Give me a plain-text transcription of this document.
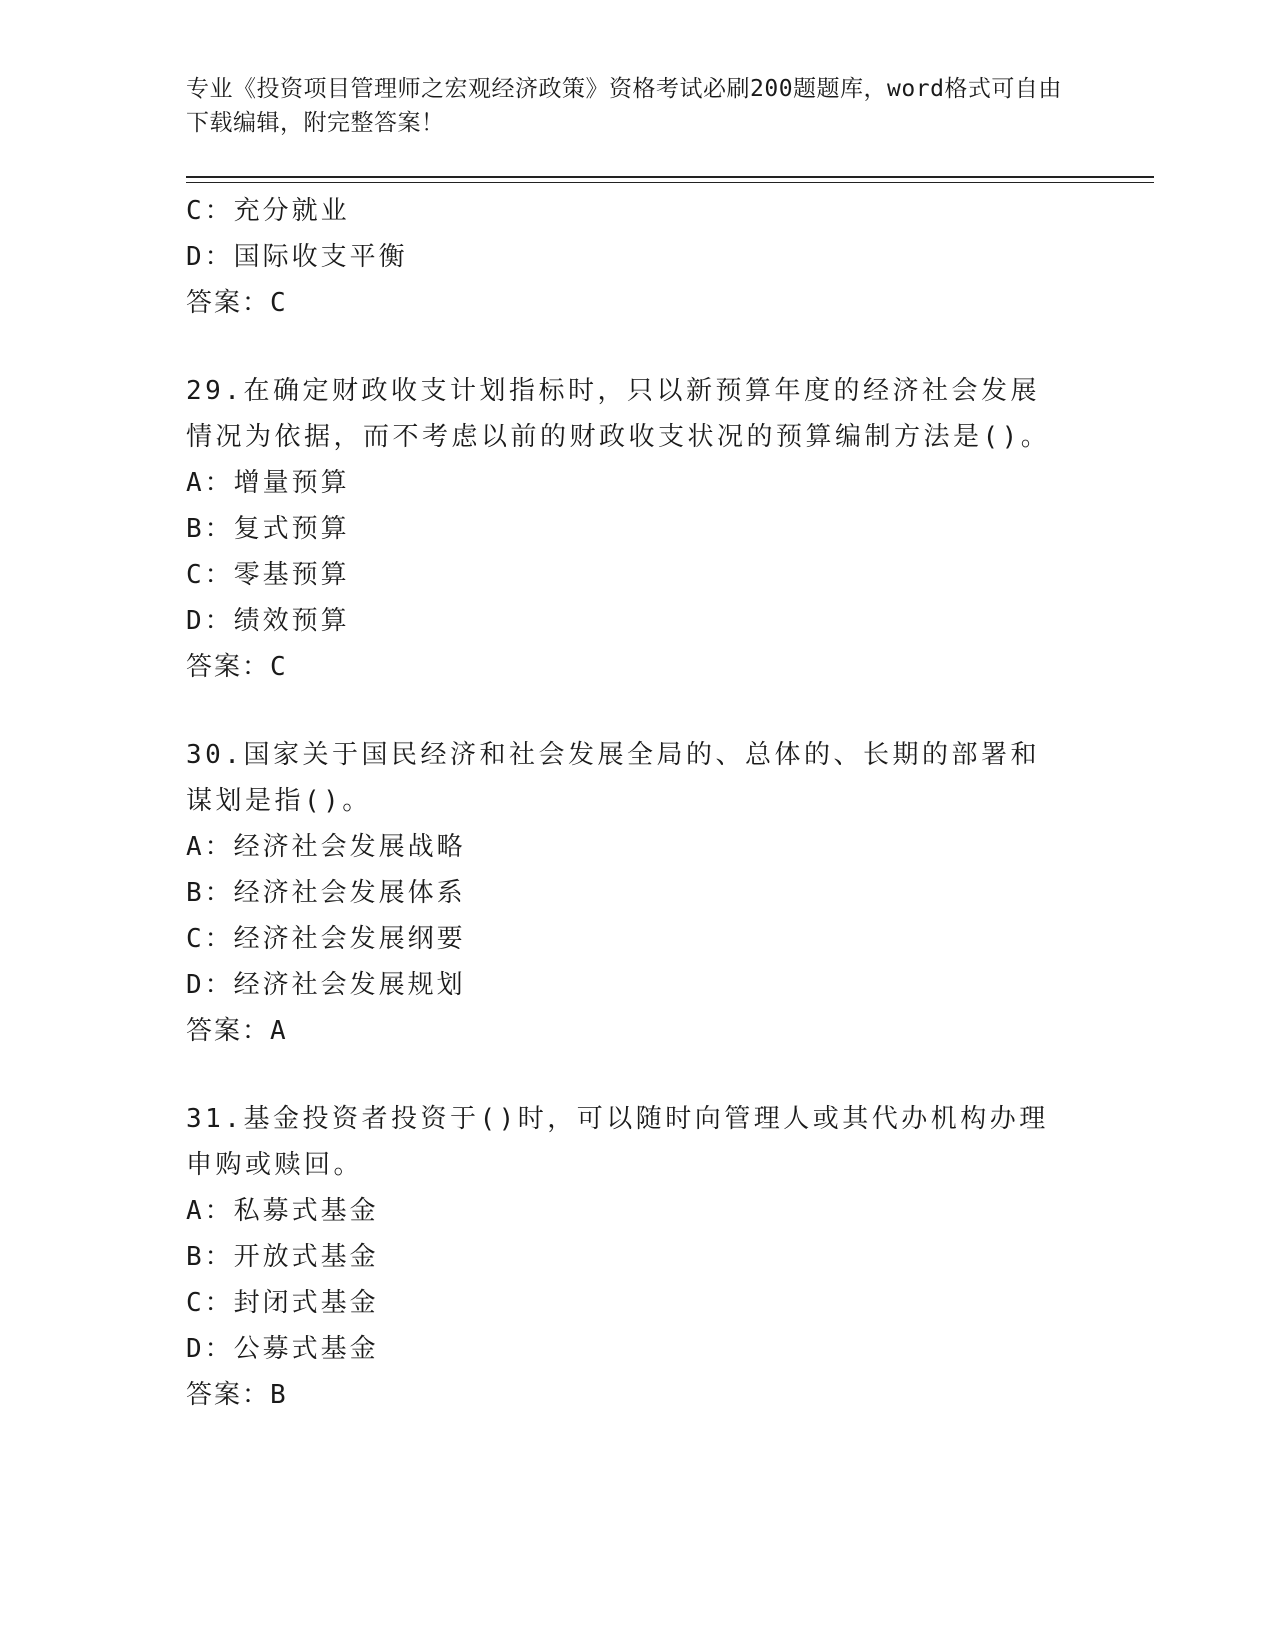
专业《投资项目管理师之宏观经济政策》资格考试必刷200题题库，word格式可自由下载编辑，附完整答案！
C：充分就业
D：国际收支平衡
答案：C
29.在确定财政收支计划指标时，只以新预算年度的经济社会发展情况为依据，而不考虑以前的财政收支状况的预算编制方法是()。
A：增量预算
B：复式预算
C：零基预算
D：绩效预算
答案：C
30.国家关于国民经济和社会发展全局的、总体的、长期的部署和谋划是指()。
A：经济社会发展战略
B：经济社会发展体系
C：经济社会发展纲要
D：经济社会发展规划
答案：A
31.基金投资者投资于()时，可以随时向管理人或其代办机构办理申购或赎回。
A：私募式基金
B：开放式基金
C：封闭式基金
D：公募式基金
答案：B
